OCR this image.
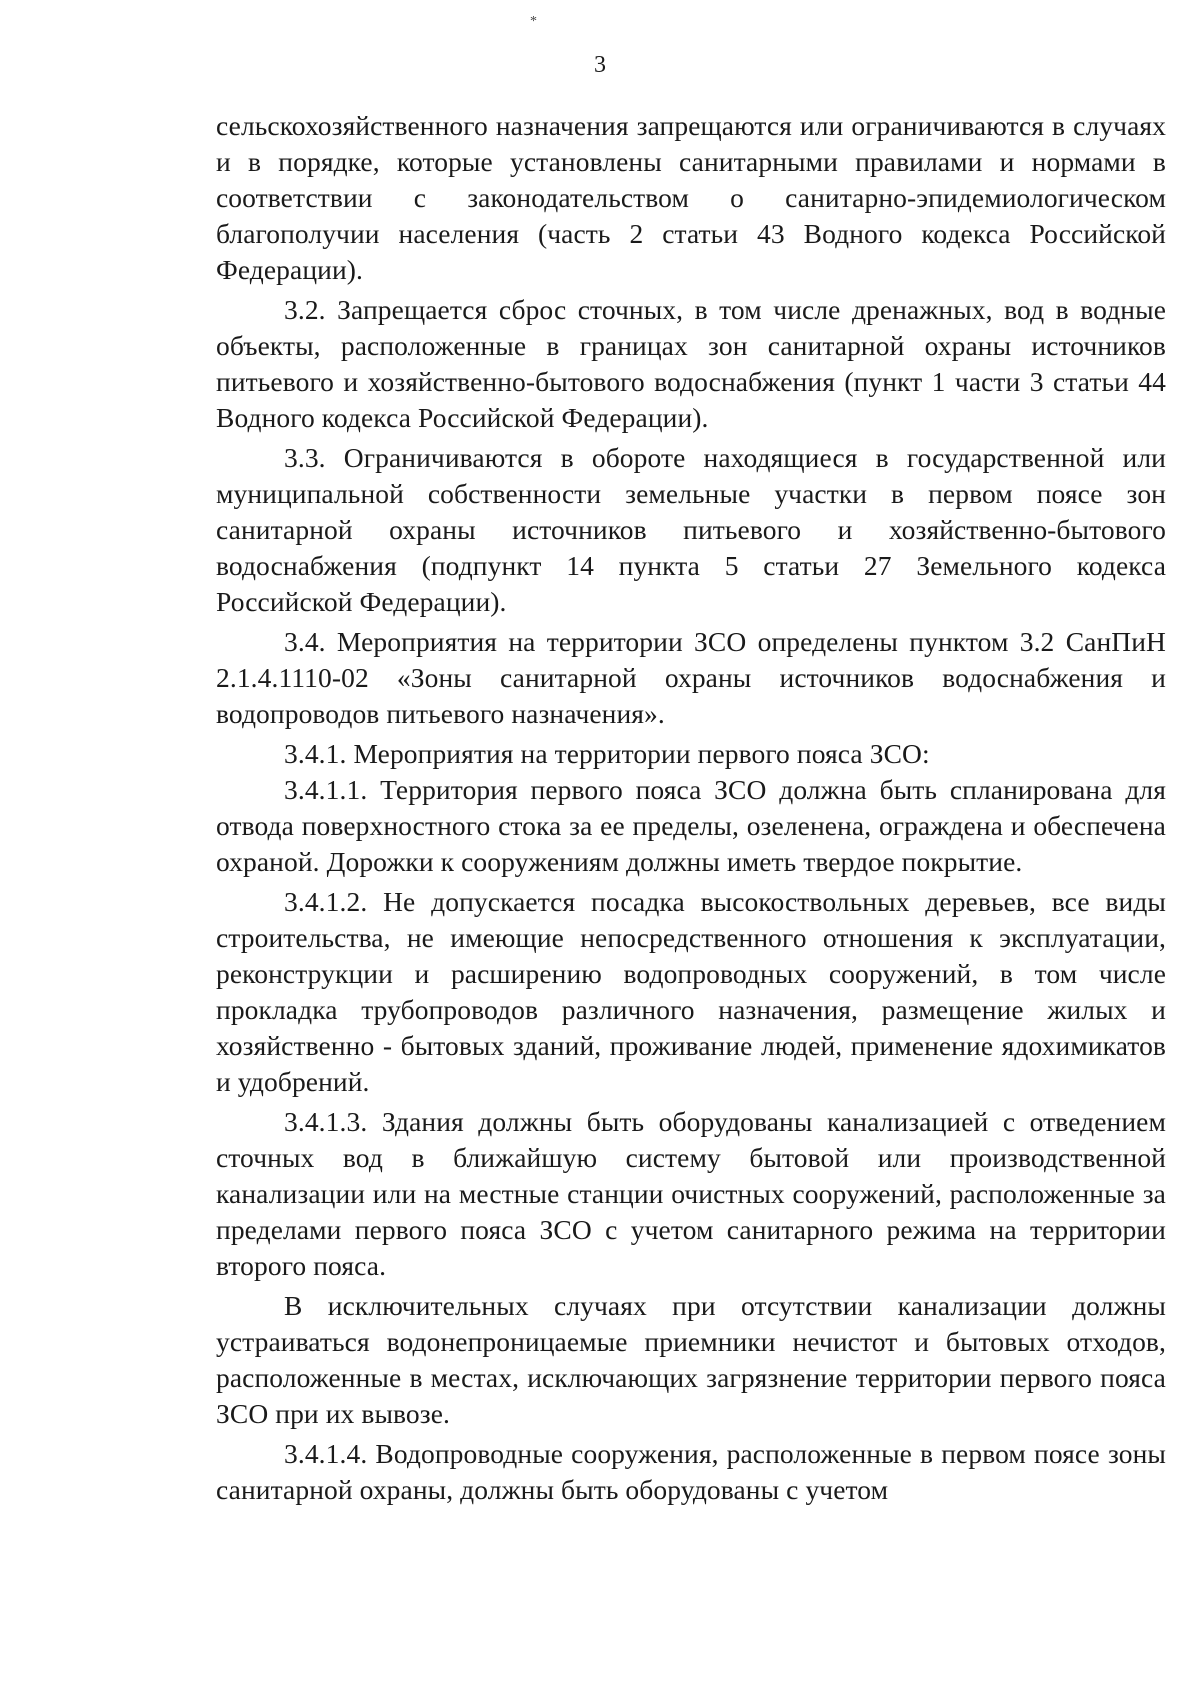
*
3

сельскохозяйственного назначения запрещаются или ограничиваются в случаях и в порядке, которые установлены санитарными правилами и нормами в соответствии с законодательством о санитарно-эпидемиологическом благополучии населения (часть 2 статьи 43 Водного кодекса Российской Федерации).

3.2. Запрещается сброс сточных, в том числе дренажных, вод в водные объекты, расположенные в границах зон санитарной охраны источников питьевого и хозяйственно-бытового водоснабжения (пункт 1 части 3 статьи 44 Водного кодекса Российской Федерации).

3.3. Ограничиваются в обороте находящиеся в государственной или муниципальной собственности земельные участки в первом поясе зон санитарной охраны источников питьевого и хозяйственно-бытового водоснабжения (подпункт 14 пункта 5 статьи 27 Земельного кодекса Российской Федерации).

3.4. Мероприятия на территории ЗСО определены пунктом 3.2 СанПиН 2.1.4.1110-02 «Зоны санитарной охраны источников водоснабжения и водопроводов питьевого назначения».

3.4.1. Мероприятия на территории первого пояса ЗСО:

3.4.1.1. Территория первого пояса ЗСО должна быть спланирована для отвода поверхностного стока за ее пределы, озеленена, ограждена и обеспечена охраной. Дорожки к сооружениям должны иметь твердое покрытие.

3.4.1.2. Не допускается посадка высокоствольных деревьев, все виды строительства, не имеющие непосредственного отношения к эксплуатации, реконструкции и расширению водопроводных сооружений, в том числе прокладка трубопроводов различного назначения, размещение жилых и хозяйственно - бытовых зданий, проживание людей, применение ядохимикатов и удобрений.

3.4.1.3. Здания должны быть оборудованы канализацией с отведением сточных вод в ближайшую систему бытовой или производственной канализации или на местные станции очистных сооружений, расположенные за пределами первого пояса ЗСО с учетом санитарного режима на территории второго пояса.

В исключительных случаях при отсутствии канализации должны устраиваться водонепроницаемые приемники нечистот и бытовых отходов, расположенные в местах, исключающих загрязнение территории первого пояса ЗСО при их вывозе.

3.4.1.4. Водопроводные сооружения, расположенные в первом поясе зоны санитарной охраны, должны быть оборудованы с учетом
